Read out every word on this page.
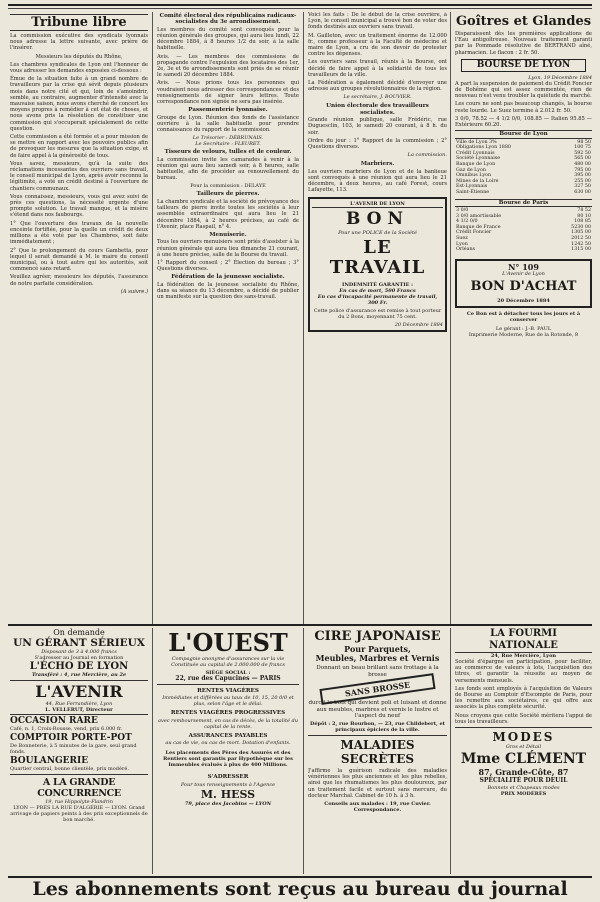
Tribune libre

La commission exécutive des syndicats lyonnais nous adresse la lettre suivante, avec prière de l'insérer.

Messieurs les députés du Rhône,

Les chambres syndicales de Lyon ont l'honneur de vous adresser les demandes exposées ci-dessous :

Émue de la situation faite à un grand nombre de travailleurs par la crise qui sévit depuis plusieurs mois dans notre cité et qui, loin de s'amoindrir, semble, au contraire, augmenter d'intensité avec la mauvaise saison, nous avons cherché de concert les moyens propres à remédier à cet état de choses, et nous avons pris la résolution de constituer une commission qui s'occuperait spécialement de cette question.

Cette commission a été formée et a pour mission de se mettre en rapport avec les pouvoirs publics afin de provoquer les mesures que la situation exige, et de faire appel à la générosité de tous.

Vous savez, messieurs, qu'à la suite des réclamations incessantes des ouvriers sans travail, le conseil municipal de Lyon, après avoir reconnu la légitimité, a voté un crédit destiné à l'ouverture de chantiers communaux.

Vous connaissez, messieurs, vous qui avez suivi de près ces questions, la nécessité urgente d'une prompte solution. Le travail manque, et la misère s'étend dans nos faubourgs.

1° Que l'ouverture des travaux de la nouvelle enceinte fortifiée, pour la quelle un crédit de deux millions a été voté par les Chambres, soit faite immédiatement ;

2° Que le prolongement du cours Gambetta, pour lequel il serait demandé à M. le maire du conseil municipal, ou à tout autre qui les autorités, soit commencé sans retard.

Veuillez agréer, messieurs les députés, l'assurance de notre parfaite considération.

(A suivre.)

Comité électoral des républicains radicaux-socialistes du 3e arrondissement.

Les membres du comité sont convoqués pour la réunion générale des groupes, qui aura lieu lundi, 22 décembre 1884, à 8 heures 1/2 du soir, à la salle habituelle.

Avis. — Les membres des commissions de propagande contre l'expulsion des locataires des 1er, 2e, 3e et 6e arrondissements sont priés de se réunir le samedi 20 décembre 1884.

Avis. — Nous prions tous les personnes qui voudraient nous adresser des correspondances et des renseignements de signer leurs lettres. Toute correspondance non signée ne sera pas insérée.

Passementerie lyonnaise.

Groupe de Lyon. Réunion des fonds de l'assistance ouvrière à la salle habituelle pour prendre connaissance du rapport de la commission.

Le Trésorier : DÉBRUNAIS.

Le Secrétaire : FLEURET.

Tisseurs de velours, tulles et de couleur.

La commission invite les camarades à venir à la réunion qui aura lieu samedi soir, à 8 heures, salle habituelle, afin de procéder au renouvellement du bureau.

Pour la commission : DELAYE

Tailleurs de pierres.

La chambre syndicale et la société de prévoyance des tailleurs de pierre invite toutes les sociétés à leur assemblée extraordinaire qui aura lieu le 21 décembre 1884, à 2 heures précises, au café de l'Avenir, place Raspail, n° 4.

Menuiserie.

Tous les ouvriers menuisiers sont priés d'assister à la réunion générale qui aura lieu dimanche 21 courant, à une heure précise, salle de la Bourse du travail.

1° Rapport du conseil ; 2° Élection du bureau ; 3° Questions diverses.

Fédération de la jeunesse socialiste.

La fédération de la jeunesse socialiste du Rhône, dans sa séance du 13 décembre, a décidé de publier un manifeste sur la question des sans-travail.

Voici les faits : De le début de la crise ouvrière, à Lyon, le conseil municipal a trouvé bon de voter des fonds destinés aux ouvriers sans travail.

M. Gailleton, avec un traitement énorme de 12.000 fr., comme professeur à la Faculté de médecine et maire de Lyon, a cru de son devoir de protester contre les dépenses.

Les ouvriers sans travail, réunis à la Bourse, ont décidé de faire appel à la solidarité de tous les travailleurs de la ville.

La Fédération a également décidé d'envoyer une adresse aux groupes révolutionnaires de la région.

Le secrétaire, J. BOUVIER.

Union électorale des travailleurs socialistes.

Grande réunion publique, salle Frédéric, rue Duguesclin, 103, le samedi 20 courant, à 8 h. du soir.

Ordre du jour : 1° Rapport de la commission ; 2° Questions diverses.

La commission.

Marbriers.

Les ouvriers marbriers de Lyon et de la banlieue sont convoqués à une réunion qui aura lieu le 21 décembre, à deux heures, au café Forest, cours Lafayette, 113.

L'AVENIR DE LYON

BON

Pour une POLICE de la Société

LE TRAVAIL

INDEMNITÉ GARANTIE :

En cas de mort, 500 Francs

En cas d'incapacité permanente de travail, 300 Fr.

Cette police d'assurance est remise à tout porteur du 2 Bons, moyennant 75 cent.

20 Décembre 1884

Goîtres et Glandes

Disparaissent dès les premières applications de l'Eau antigoîtreuse. Nouveau traitement garanti par la Pommade résolutive de BERTRAND aîné, pharmacien. Le flacon : 2 fr. 50.

BOURSE DE LYON

Lyon, 19 Décembre 1884

A part la suspension de paiement du Crédit Foncier de Bohême qui est assez commentée, rien de nouveau n'est venu troubler la quiétude du marché.

Les cours ne sont pas beaucoup changés, la bourse reste lourde. Le Suez termine à 2.012 fr. 50.

3 0/0, 78.52 — 4 1/2 0/0, 108.85 — Italien 95.85 — Extérieure 60.20.

Bourse de Lyon

Ville de Lyon 3%	98 50
Obligations Lyon 1880	100 75
Crédit Lyonnais	592 50
Société Lyonnaise	565 00
Banque de Lyon	480 00
Gaz de Lyon	795 00
Omnibus Lyon	395 00
Mines de la Loire	255 00
Est-Lyonnais	327 50
Saint-Étienne	630 00

Bourse de Paris

3 0/0	78 52
3 0/0 amortissable	80 10
4 1/2 0/0	108 85
Banque de France	5230 00
Crédit Foncier	1305 00
Suez	2012 50
Lyon	1242 50
Orléans	1315 00

N° 109

L'Avenir de Lyon

BON D'ACHAT

20 Décembre 1884

Ce Bon est à détacher tous les jours et à conserver

Le gérant : J.-B. PAUL

Imprimerie Moderne, Rue de la Rotonde, 8

On demande

UN GÉRANT SÉRIEUX

Disposant de 3 à 4.000 francs

S'adresser au Journal en formation

L'ÉCHO DE LYON

Transféré : 4, rue Mercière, au 2e

L'AVENIR

44, Rue Ferrandière, Lyon

L. VELLERUT, Directeur

OCCASION RARE

Café, n. 1, Croix-Rousse, vend, prix 6.000 fr.

COMPTOIR PORTE-POT

De Bonneterie, à 5 minutes de la gare, seul grand fonds.

BOULANGERIE

Quartier central, bonne clientèle, prix modéré.

A LA GRANDE CONCURRENCE

19, rue Hippolyte-Flandrin

LYON — PRÈS LA RUE D'ALGÉRIE — LYON. Grand arrivage de papiers peints à des prix exceptionnels de bon marché.

L'OUEST

Compagnie anonyme d'assurances sur la vie

Constituée au capital de 2.000.000 de francs

SIÈGE SOCIAL :

22, rue des Capucines — PARIS

RENTES VIAGÈRES

Immédiates et différées au taux de 10, 15, 20 0/0 et plus, selon l'âge et le délai.

RENTES VIAGÈRES PROGRESSIVES

avec remboursement, en cas de décès, de la totalité du capital de la rente.

ASSURANCES PAYABLES

au cas de vie, ou cas de mort. Dotation d'enfants.

Les placements des Pères des Assurés et des Rentiers sont garantis par Hypothèque sur les Immeubles évalués à plus de 400 Millions.

S'ADRESSER

Pour tous renseignements à l'Agence

M. HESS

79, place des Jacobins — LYON

CIRE JAPONAISE

Pour Parquets,

Meubles, Marbres et Vernis

Donnant un beau brillant sans frottage à la brosse

SANS BROSSE

durcit le bois qui devient poli et luisant et donne aux meubles, marbres et vernis le lustre et l'aspect du neuf

Dépôt : 2, rue Bourbon, — 23, rue Childebert, et principaux épiciers de la ville.

MALADIES SECRÈTES

J'affirme la guérison radicale des maladies vénériennes les plus anciennes et les plus rebelles, ainsi que les rhumatismes les plus douloureux, par un traitement facile et surtout sans mercure, du docteur Marchal. Cabinet de 10 h. à 3 h.

Conseils aux malades : 19, rue Cuvier. Correspondance.

LA FOURMI NATIONALE

24, Rue Mercière, Lyon

Société d'épargne en participation, pour faciliter, au commerce de valeurs à lots, l'acquisition des titres, et garantir la réussite au moyen de versements mensuels.

Les fonds sont employés à l'acquisition de Valeurs de Bourse au Comptoir d'Escompte de Paris, pour les remettre aux sociétaires, ce qui offre aux associés la plus complète sécurité.

Nous croyons que cette Société méritera l'appui de tous les travailleurs.

MODES

Gros et Détail

Mme CLÉMENT

87, Grande-Côte, 87

SPÉCIALITÉ POUR DEUIL

Bonnets et Chapeaux modes

PRIX MODÉRÉS

Les abonnements sont reçus au bureau du journal
